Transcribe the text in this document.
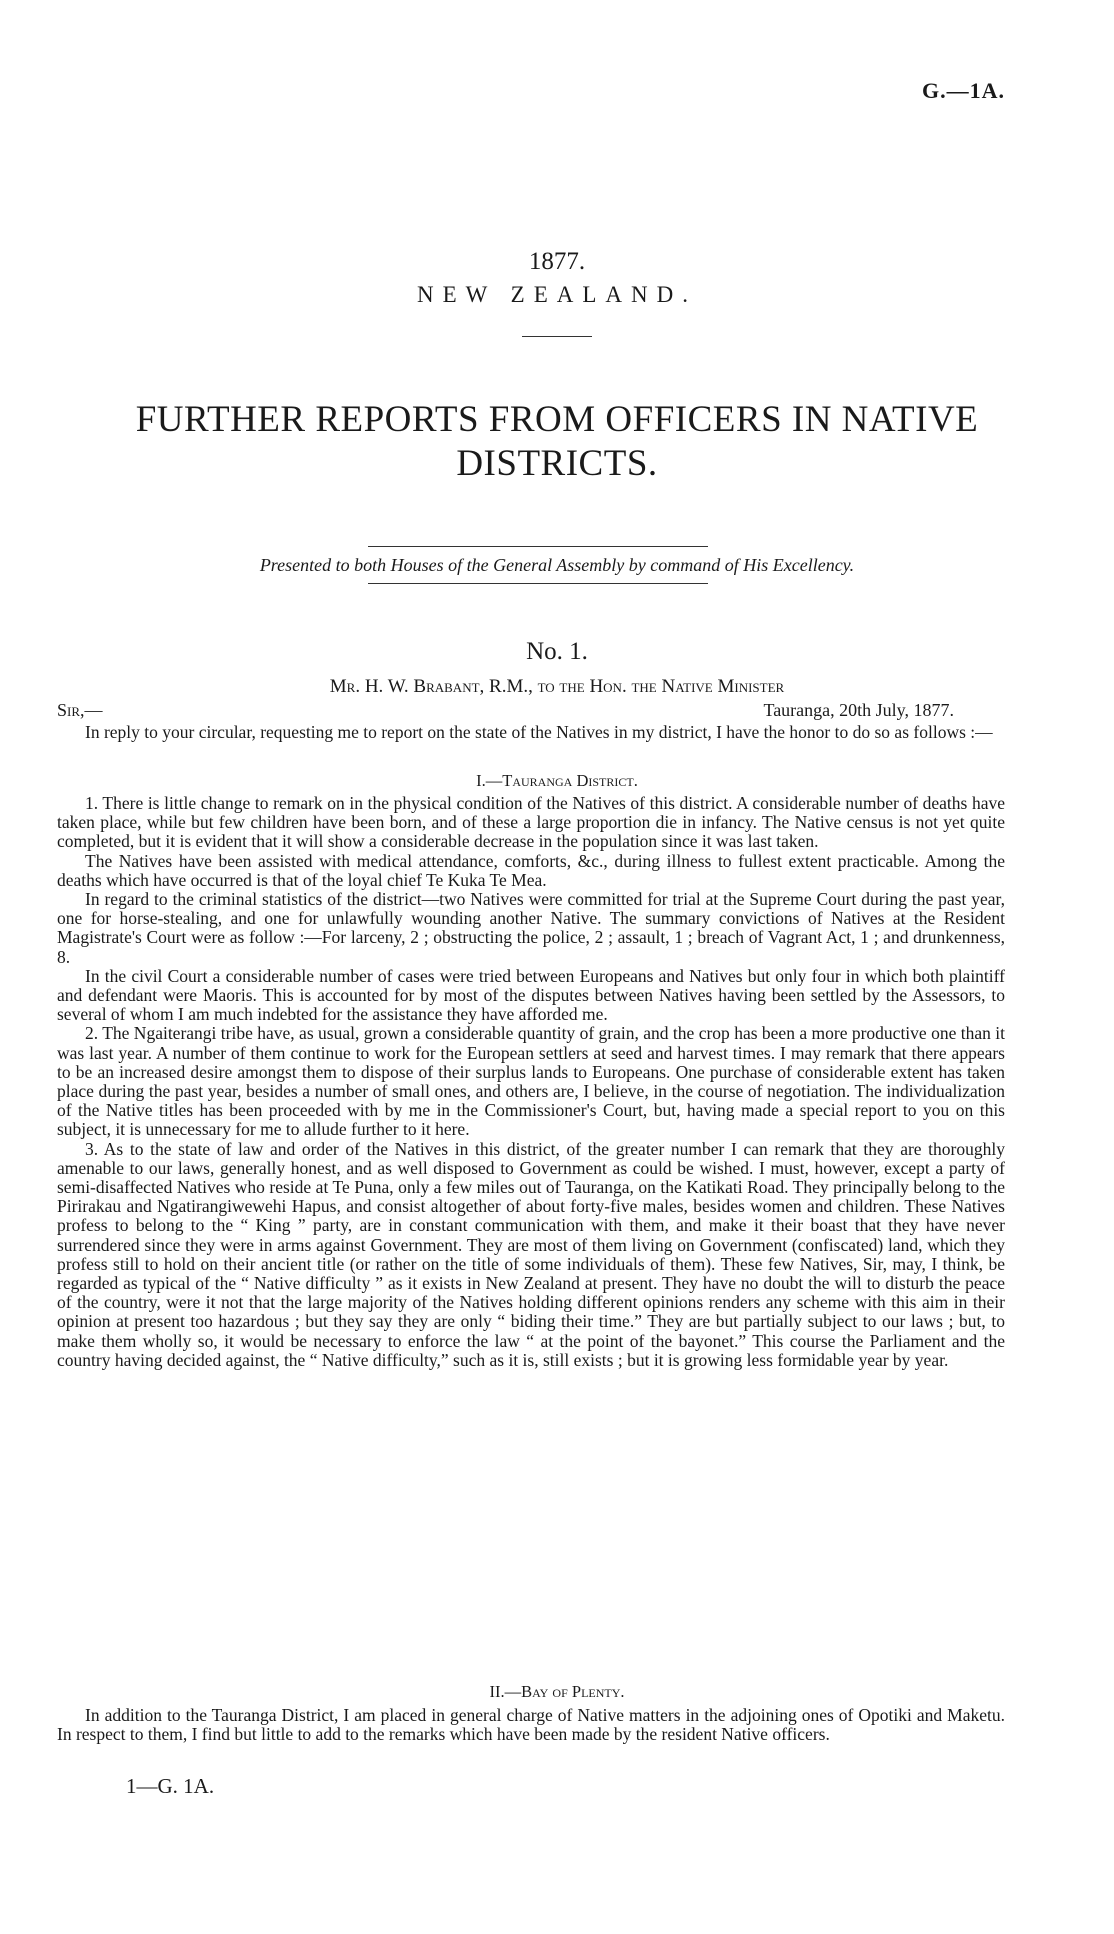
G.—1A.
1877.
NEW ZEALAND.
FURTHER REPORTS FROM OFFICERS IN NATIVE DISTRICTS.
Presented to both Houses of the General Assembly by command of His Excellency.
No. 1.
Mr. H. W. Brabant, R.M., to the Hon. the Native Minister
Sir,—	Tauranga, 20th July, 1877.

In reply to your circular, requesting me to report on the state of the Natives in my district, I have the honor to do so as follows :—

I.—Tauranga District.

1. There is little change to remark on in the physical condition of the Natives of this district. A considerable number of deaths have taken place, while but few children have been born, and of these a large proportion die in infancy. The Native census is not yet quite completed, but it is evident that it will show a considerable decrease in the population since it was last taken.

The Natives have been assisted with medical attendance, comforts, &c., during illness to fullest extent practicable. Among the deaths which have occurred is that of the loyal chief Te Kuka Te Mea.

In regard to the criminal statistics of the district—two Natives were committed for trial at the Supreme Court during the past year, one for horse-stealing, and one for unlawfully wounding another Native. The summary convictions of Natives at the Resident Magistrate's Court were as follow :—For larceny, 2 ; obstructing the police, 2 ; assault, 1 ; breach of Vagrant Act, 1 ; and drunkenness, 8.

In the civil Court a considerable number of cases were tried between Europeans and Natives but only four in which both plaintiff and defendant were Maoris. This is accounted for by most of the disputes between Natives having been settled by the Assessors, to several of whom I am much indebted for the assistance they have afforded me.

2. The Ngaiterangi tribe have, as usual, grown a considerable quantity of grain, and the crop has been a more productive one than it was last year. A number of them continue to work for the European settlers at seed and harvest times. I may remark that there appears to be an increased desire amongst them to dispose of their surplus lands to Europeans. One purchase of considerable extent has taken place during the past year, besides a number of small ones, and others are, I believe, in the course of negotiation. The individualization of the Native titles has been proceeded with by me in the Commissioner's Court, but, having made a special report to you on this subject, it is unnecessary for me to allude further to it here.

3. As to the state of law and order of the Natives in this district, of the greater number I can remark that they are thoroughly amenable to our laws, generally honest, and as well disposed to Government as could be wished. I must, however, except a party of semi-disaffected Natives who reside at Te Puna, only a few miles out of Tauranga, on the Katikati Road. They principally belong to the Pirirakau and Ngatirangiwewehi Hapus, and consist altogether of about forty-five males, besides women and children. These Natives profess to belong to the “ King ” party, are in constant communication with them, and make it their boast that they have never surrendered since they were in arms against Government. They are most of them living on Government (confiscated) land, which they profess still to hold on their ancient title (or rather on the title of some individuals of them). These few Natives, Sir, may, I think, be regarded as typical of the “ Native difficulty ” as it exists in New Zealand at present. They have no doubt the will to disturb the peace of the country, were it not that the large majority of the Natives holding different opinions renders any scheme with this aim in their opinion at present too hazardous ; but they say they are only “ biding their time.” They are but partially subject to our laws ; but, to make them wholly so, it would be necessary to enforce the law “ at the point of the bayonet.” This course the Parliament and the country having decided against, the “ Native difficulty,” such as it is, still exists ; but it is growing less formidable year by year.

II.—Bay of Plenty.

In addition to the Tauranga District, I am placed in general charge of Native matters in the adjoining ones of Opotiki and Maketu. In respect to them, I find but little to add to the remarks which have been made by the resident Native officers.

1—G. 1A.
